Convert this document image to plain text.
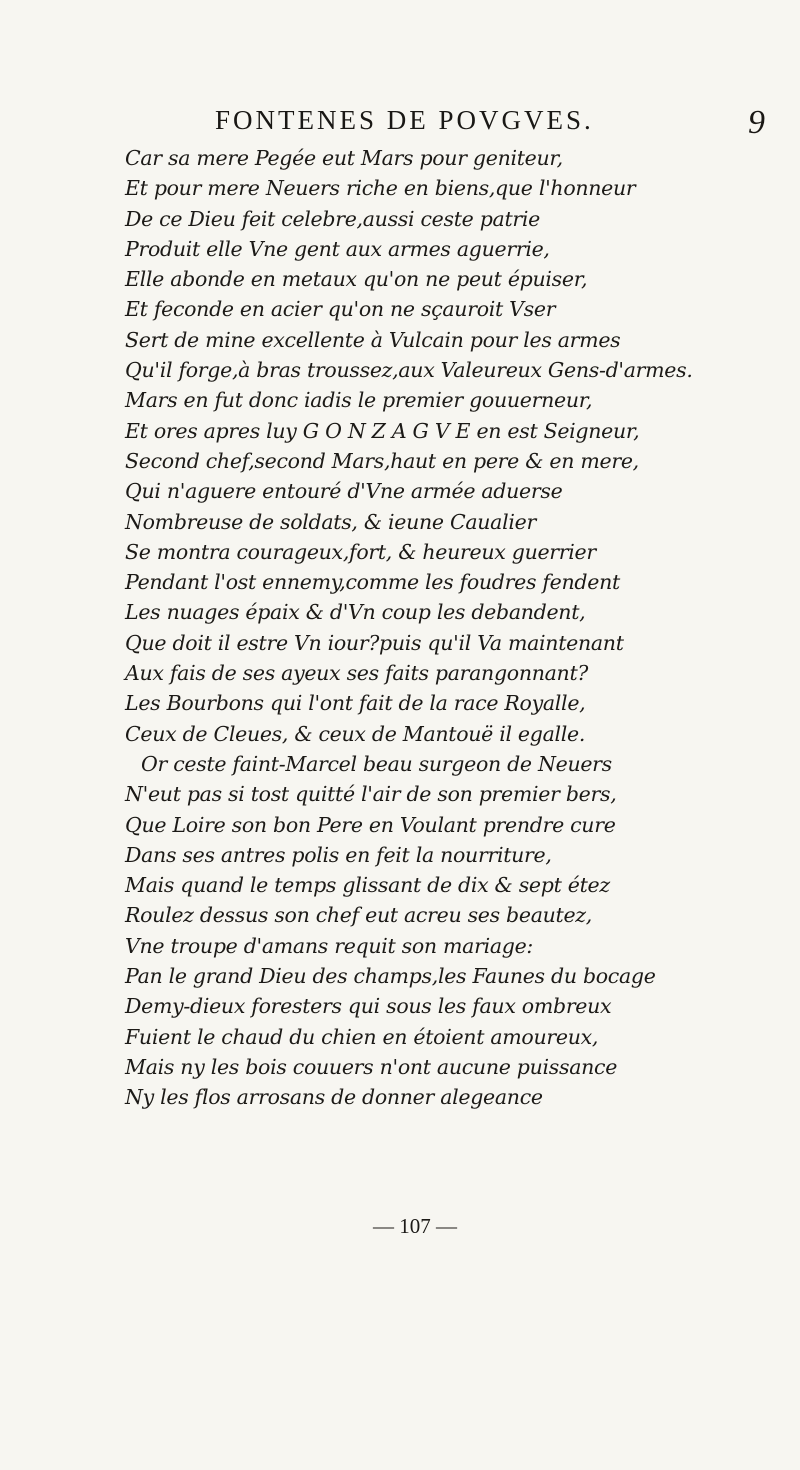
FONTENES DE POVGVES.	9
Car sa mere Pegée eut Mars pour geniteur,
Et pour mere Neuers riche en biens,que l'honneur
De ce Dieu feit celebre,aussi ceste patrie
Produit elle Vne gent aux armes aguerrie,
Elle abonde en metaux qu'on ne peut épuiser,
Et feconde en acier qu'on ne sçauroit Vser
Sert de mine excellente à Vulcain pour les armes
Qu'il forge,à bras troussez,aux Valeureux Gens-d'armes.
Mars en fut donc iadis le premier gouuerneur,
Et ores apres luy G O N Z A G V E en est Seigneur,
Second chef,second Mars,haut en pere & en mere,
Qui n'aguere entouré d'Vne armée aduerse
Nombreuse de soldats, & ieune Caualier
Se montra courageux,fort, & heureux guerrier
Pendant l'ost ennemy,comme les foudres fendent
Les nuages épaix & d'Vn coup les debandent,
Que doit il estre Vn iour?puis qu'il Va maintenant
Aux fais de ses ayeux ses faits parangonnant?
Les Bourbons qui l'ont fait de la race Royalle,
Ceux de Cleues, & ceux de Mantouë il egalle.
Or ceste faint-Marcel beau surgeon de Neuers
N'eut pas si tost quitté l'air de son premier bers,
Que Loire son bon Pere en Voulant prendre cure
Dans ses antres polis en feit la nourriture,
Mais quand le temps glissant de dix & sept étez
Roulez dessus son chef eut acreu ses beautez,
Vne troupe d'amans requit son mariage:
Pan le grand Dieu des champs,les Faunes du bocage
Demy-dieux foresters qui sous les faux ombreux
Fuient le chaud du chien en étoient amoureux,
Mais ny les bois couuers n'ont aucune puissance
Ny les flos arrosans de donner alegeance
— 107 —
